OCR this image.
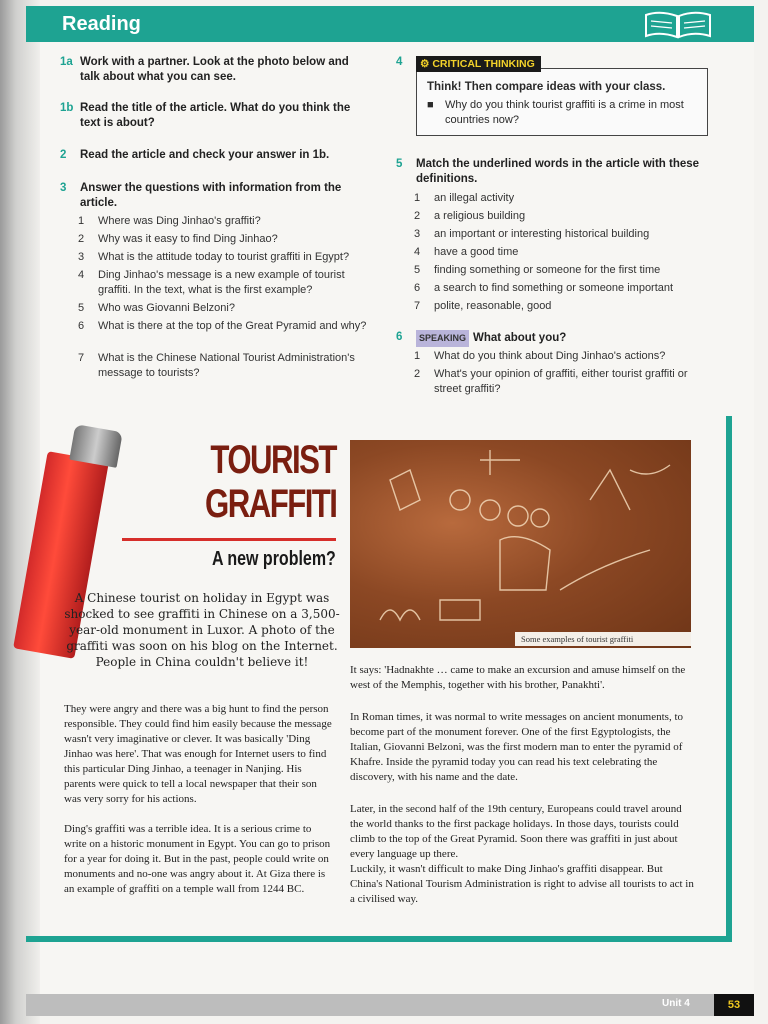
Reading
1a Work with a partner. Look at the photo below and talk about what you can see.
1b Read the title of the article. What do you think the text is about?
2 Read the article and check your answer in 1b.
3 Answer the questions with information from the article.
1	Where was Ding Jinhao's graffiti?
2	Why was it easy to find Ding Jinhao?
3	What is the attitude today to tourist graffiti in Egypt?
4	Ding Jinhao's message is a new example of tourist graffiti. In the text, what is the first example?
5	Who was Giovanni Belzoni?
6	What is there at the top of the Great Pyramid and why?
7	What is the Chinese National Tourist Administration's message to tourists?
4
Think! Then compare ideas with your class.
■ Why do you think tourist graffiti is a crime in most countries now?
⚙ CRITICAL THINKING
5 Match the underlined words in the article with these definitions.
1	an illegal activity
2	a religious building
3	an important or interesting historical building
4	have a good time
5	finding something or someone for the first time
6	a search to find something or someone important
7	polite, reasonable, good
6	SPEAKING What about you?
1	What do you think about Ding Jinhao's actions?
2	What's your opinion of graffiti, either tourist graffiti or street graffiti?
TOURIST
GRAFFITI
A new problem?
A Chinese tourist on holiday in Egypt was shocked to see graffiti in Chinese on a 3,500-year-old monument in Luxor. A photo of the graffiti was soon on his blog on the Internet. People in China couldn't believe it!
They were angry and there was a big hunt to find the person responsible. They could find him easily because the message wasn't very imaginative or clever. It was basically 'Ding Jinhao was here'. That was enough for Internet users to find this particular Ding Jinhao, a teenager in Nanjing. His parents were quick to tell a local newspaper that their son was very sorry for his actions.
Ding's graffiti was a terrible idea. It is a serious crime to write on a historic monument in Egypt. You can go to prison for a year for doing it. But in the past, people could write on monuments and no-one was angry about it. At Giza there is an example of graffiti on a temple wall from 1244 BC.
Some examples of tourist graffiti
It says: 'Hadnakhte … came to make an excursion and amuse himself on the west of the Memphis, together with his brother, Panakhti'.
In Roman times, it was normal to write messages on ancient monuments, to become part of the monument forever. One of the first Egyptologists, the Italian, Giovanni Belzoni, was the first modern man to enter the pyramid of Khafre. Inside the pyramid today you can read his text celebrating the discovery, with his name and the date.
Later, in the second half of the 19th century, Europeans could travel around the world thanks to the first package holidays. In those days, tourists could climb to the top of the Great Pyramid. Soon there was graffiti in just about every language up there.
Luckily, it wasn't difficult to make Ding Jinhao's graffiti disappear. But China's National Tourism Administration is right to advise all tourists to act in a civilised way.
Unit 4	53
